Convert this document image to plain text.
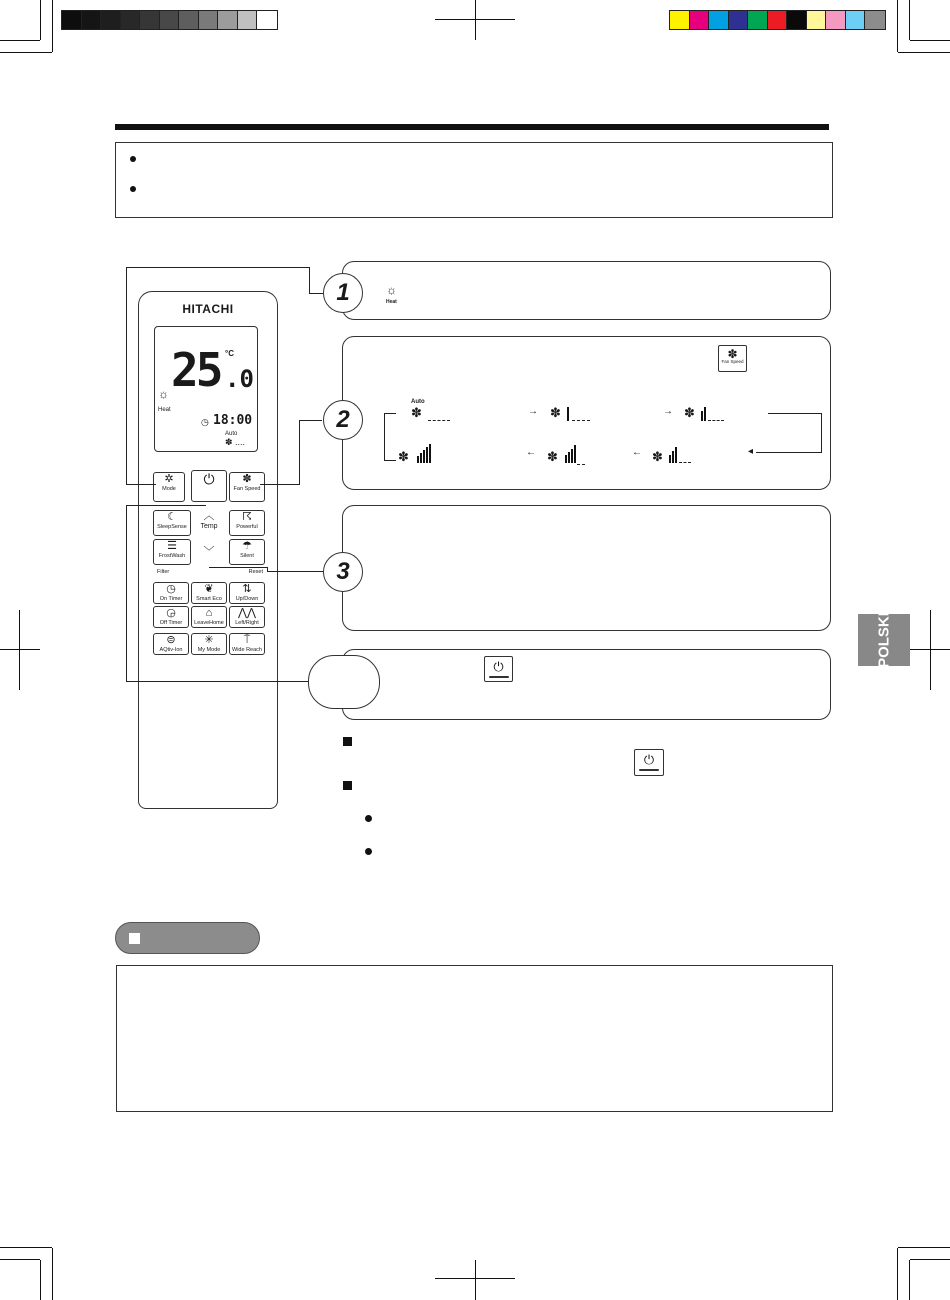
HITACHI
25 °C
.0
☼
Heat
◷ 18:00
Auto
✽ ....
✲
Mode
⏻	✽
Fan Speed
☾
SleepSense
︿
Temp
☈
Powerful
☰
FrostWash	﹀	☂
Silent
Filter	Reset
◷
On Timer
❦
Smart Eco
⇅
Up/Down
◶
Off Timer
⌂
LeaveHome
⋀⋀
Left/Right
⊜
AQtiv-Ion
✳
My Mode
⍑
Wide Reach
1	☼
Heat
2
✽
Fan Speed
Auto
✽	→ ✽	→ ✽
◂
✽
←
✽
←
✽
3
⏻
⏻
POLSKI
